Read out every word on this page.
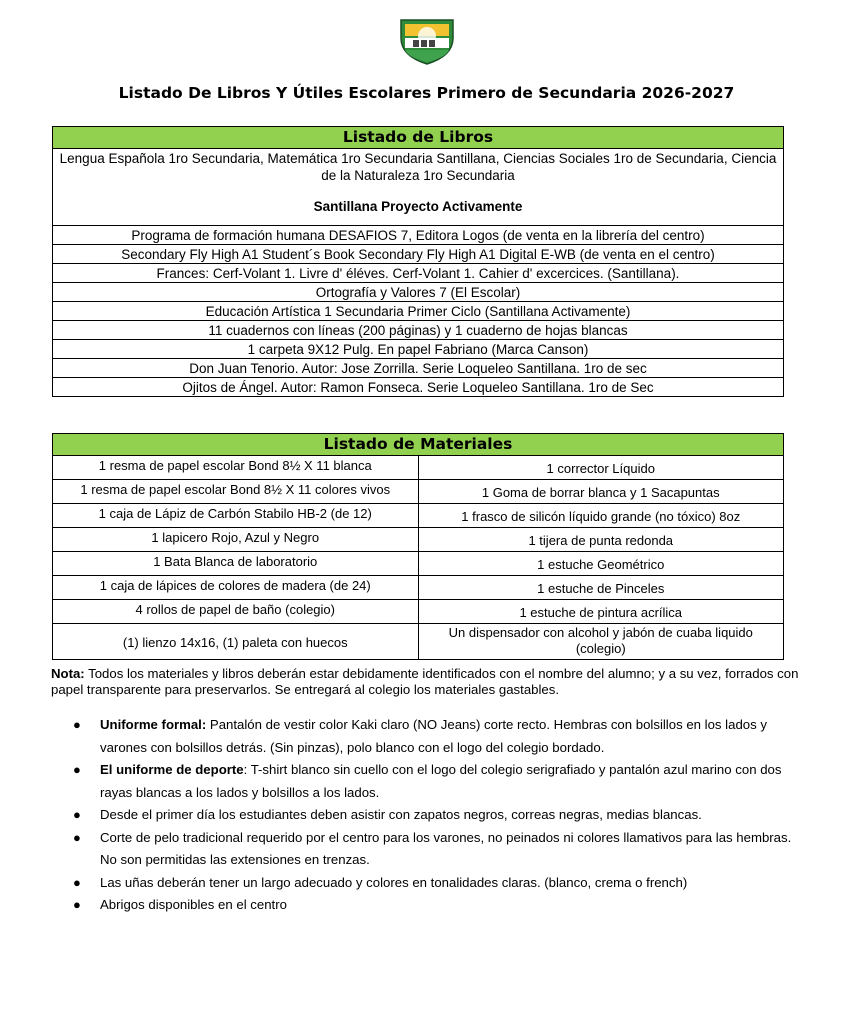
Listado De Libros Y Útiles Escolares Primero de Secundaria 2026-2027
Listado de Libros
Lengua Española 1ro Secundaria, Matemática 1ro Secundaria Santillana, Ciencias Sociales 1ro de Secundaria, Ciencia de la Naturaleza 1ro Secundaria
Santillana Proyecto Activamente

Programa de formación humana DESAFIOS 7, Editora Logos (de venta en la librería del centro)
Secondary Fly High A1 Student´s Book Secondary Fly High A1 Digital E-WB (de venta en el centro)
Frances: Cerf-Volant 1. Livre d' éléves. Cerf-Volant 1. Cahier d' excercices. (Santillana).
Ortografía y Valores 7 (El Escolar)
Educación Artística 1 Secundaria Primer Ciclo (Santillana Activamente)
11 cuadernos con líneas (200 páginas) y 1 cuaderno de hojas blancas
1 carpeta 9X12 Pulg. En papel Fabriano (Marca Canson)
Don Juan Tenorio. Autor: Jose Zorrilla. Serie Loqueleo Santillana. 1ro de sec
Ojitos de Ángel. Autor: Ramon Fonseca. Serie Loqueleo Santillana. 1ro de Sec
Listado de Materiales	
1 resma de papel escolar Bond 8½ X 11 blanca	1 corrector Líquido
1 resma de papel escolar Bond 8½ X 11 colores vivos	1 Goma de borrar blanca y 1 Sacapuntas
1 caja de Lápiz de Carbón Stabilo HB-2 (de 12)	1 frasco de silicón líquido grande (no tóxico) 8oz
1 lapicero Rojo, Azul y Negro	1 tijera de punta redonda
1 Bata Blanca de laboratorio	1 estuche Geométrico
1 caja de lápices de colores de madera (de 24)	1 estuche de Pinceles
4 rollos de papel de baño (colegio)	1 estuche de pintura acrílica
(1) lienzo 14x16, (1) paleta con huecos	Un dispensador con alcohol y jabón de cuaba liquido (colegio)
Nota: Todos los materiales y libros deberán estar debidamente identificados con el nombre del alumno; y a su vez, forrados con papel transparente para preservarlos. Se entregará al colegio los materiales gastables.
● Uniforme formal: Pantalón de vestir color Kaki claro (NO Jeans) corte recto. Hembras con bolsillos en los lados y varones con bolsillos detrás. (Sin pinzas), polo blanco con el logo del colegio bordado.
● El uniforme de deporte: T-shirt blanco sin cuello con el logo del colegio serigrafiado y pantalón azul marino con dos rayas blancas a los lados y bolsillos a los lados.
● Desde el primer día los estudiantes deben asistir con zapatos negros, correas negras, medias blancas.
● Corte de pelo tradicional requerido por el centro para los varones, no peinados ni colores llamativos para las hembras. No son permitidas las extensiones en trenzas.
● Las uñas deberán tener un largo adecuado y colores en tonalidades claras. (blanco, crema o french)
● Abrigos disponibles en el centro
